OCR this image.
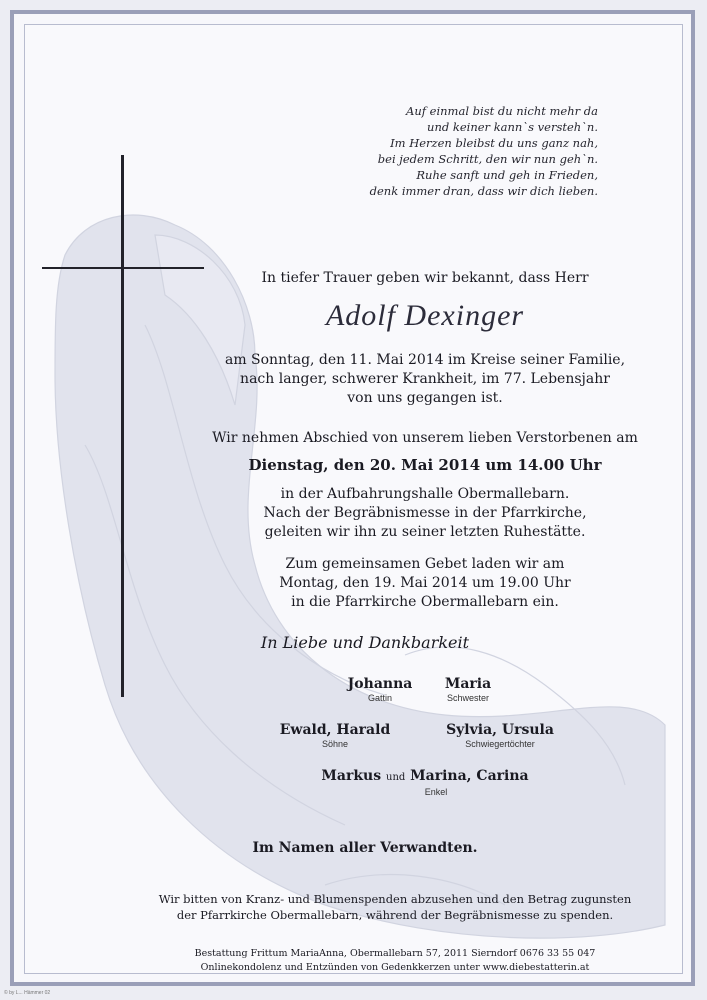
Auf einmal bist du nicht mehr da
und keiner kann`s versteh`n.
Im Herzen bleibst du uns ganz nah,
bei jedem Schritt, den wir nun geh`n.
Ruhe sanft und geh in Frieden,
denk immer dran, dass wir dich lieben.
In tiefer Trauer geben wir bekannt, dass Herr
Adolf Dexinger
am Sonntag, den 11. Mai 2014 im Kreise seiner Familie,
nach langer, schwerer Krankheit, im 77. Lebensjahr
von uns gegangen ist.
Wir nehmen Abschied von unserem lieben Verstorbenen am
Dienstag, den 20. Mai 2014 um 14.00 Uhr
in der Aufbahrungshalle Obermallebarn.
Nach der Begräbnismesse in der Pfarrkirche,
geleiten wir ihn zu seiner letzten Ruhestätte.
Zum gemeinsamen Gebet laden wir am
Montag, den 19. Mai 2014 um 19.00 Uhr
in die Pfarrkirche Obermallebarn ein.
In Liebe und Dankbarkeit
Johanna
Gattin
Maria
Schwester
Ewald, Harald
Söhne
Sylvia, Ursula
Schwiegertöchter
Markus und Marina, Carina
Enkel
Im Namen aller Verwandten.
Wir bitten von Kranz- und Blumenspenden abzusehen und den Betrag zugunsten
der Pfarrkirche Obermallebarn, während der Begräbnismesse zu spenden.
Bestattung Frittum MariaAnna, Obermallebarn 57, 2011 Sierndorf 0676 33 55 047
Onlinekondolenz und Entzünden von Gedenkkerzen unter www.diebestatterin.at
© by L... Hämmer 02
